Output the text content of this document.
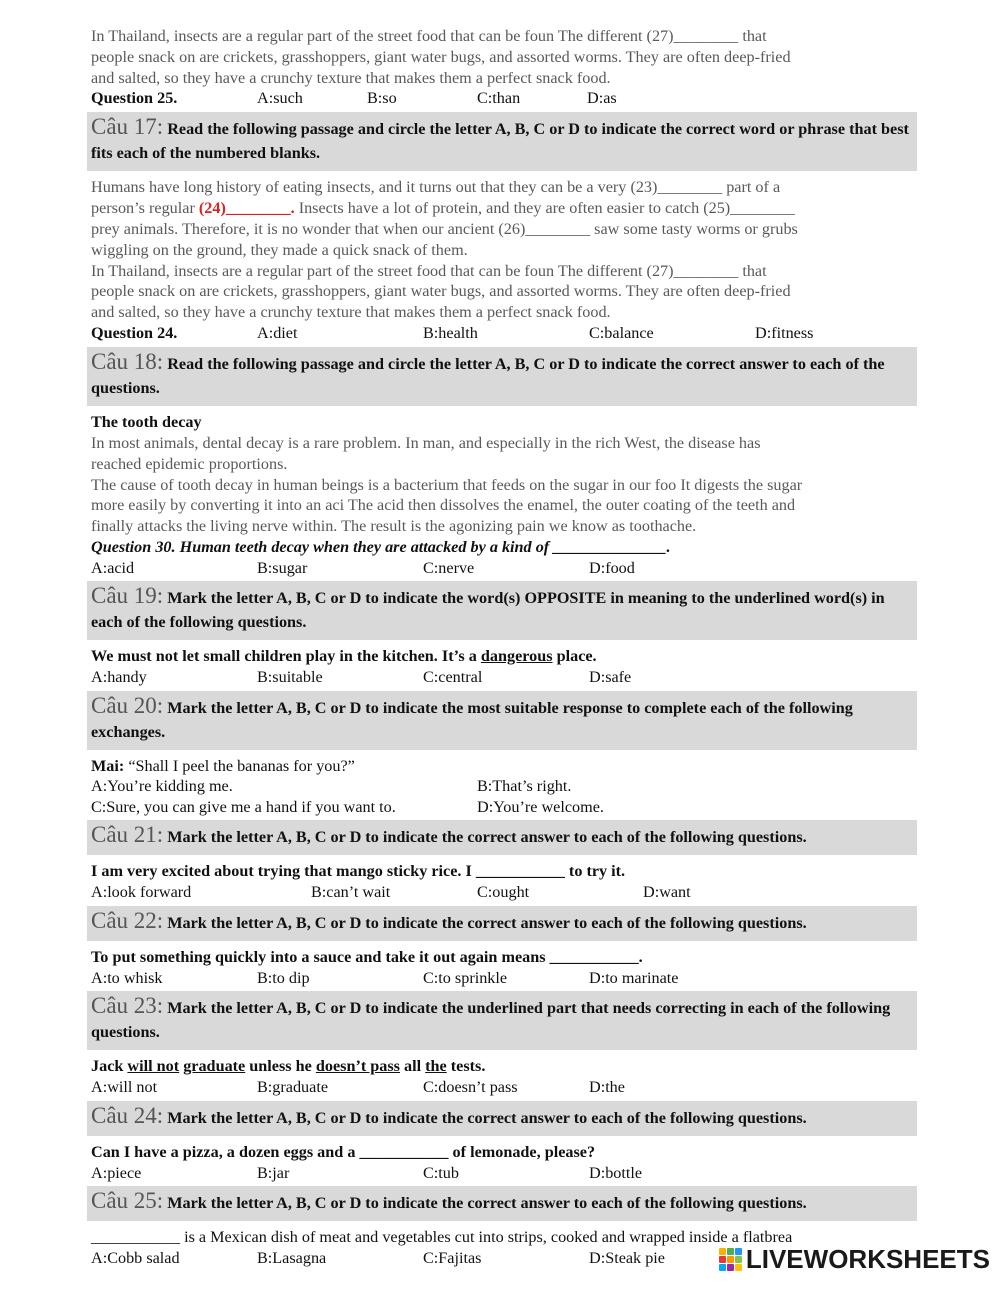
In Thailand, insects are a regular part of the street food that can be foun The different (27)________ that
people snack on are crickets, grasshoppers, giant water bugs, and assorted worms. They are often deep-fried
and salted, so they have a crunchy texture that makes them a perfect snack food.
Question 25.	A:such	B:so	C:than	D:as
Câu 17: Read the following passage and circle the letter A, B, C or D to indicate the correct word or phrase that best fits each of the numbered blanks.
Humans have long history of eating insects, and it turns out that they can be a very (23)________ part of a
person’s regular (24)________. Insects have a lot of protein, and they are often easier to catch (25)________
prey animals. Therefore, it is no wonder that when our ancient (26)________ saw some tasty worms or grubs
wiggling on the ground, they made a quick snack of them.
In Thailand, insects are a regular part of the street food that can be foun The different (27)________ that
people snack on are crickets, grasshoppers, giant water bugs, and assorted worms. They are often deep-fried
and salted, so they have a crunchy texture that makes them a perfect snack food.
Question 24.	A:diet	B:health	C:balance	D:fitness
Câu 18: Read the following passage and circle the letter A, B, C or D to indicate the correct answer to each of the questions.
The tooth decay
In most animals, dental decay is a rare problem. In man, and especially in the rich West, the disease has
reached epidemic proportions.
The cause of tooth decay in human beings is a bacterium that feeds on the sugar in our foo It digests the sugar
more easily by converting it into an aci The acid then dissolves the enamel, the outer coating of the teeth and
finally attacks the living nerve within. The result is the agonizing pain we know as toothache.
Question 30. Human teeth decay when they are attacked by a kind of ______________.
A:acid	B:sugar	C:nerve	D:food
Câu 19: Mark the letter A, B, C or D to indicate the word(s) OPPOSITE in meaning to the underlined word(s) in each of the following questions.
We must not let small children play in the kitchen. It’s a dangerous place.
A:handy	B:suitable	C:central	D:safe
Câu 20: Mark the letter A, B, C or D to indicate the most suitable response to complete each of the following exchanges.
Mai: “Shall I peel the bananas for you?”
A:You’re kidding me.	B:That’s right.
C:Sure, you can give me a hand if you want to.	D:You’re welcome.
Câu 21: Mark the letter A, B, C or D to indicate the correct answer to each of the following questions.
I am very excited about trying that mango sticky rice. I ___________ to try it.
A:look forward	B:can’t wait	C:ought	D:want
Câu 22: Mark the letter A, B, C or D to indicate the correct answer to each of the following questions.
To put something quickly into a sauce and take it out again means ___________.
A:to whisk	B:to dip	C:to sprinkle	D:to marinate
Câu 23: Mark the letter A, B, C or D to indicate the underlined part that needs correcting in each of the following questions.
Jack will not graduate unless he doesn’t pass all the tests.
A:will not	B:graduate	C:doesn’t pass	D:the
Câu 24: Mark the letter A, B, C or D to indicate the correct answer to each of the following questions.
Can I have a pizza, a dozen eggs and a ___________ of lemonade, please?
A:piece	B:jar	C:tub	D:bottle
Câu 25: Mark the letter A, B, C or D to indicate the correct answer to each of the following questions.
___________ is a Mexican dish of meat and vegetables cut into strips, cooked and wrapped inside a flatbrea
A:Cobb salad	B:Lasagna	C:Fajitas	D:Steak pie	LIVEWORKSHEETS
